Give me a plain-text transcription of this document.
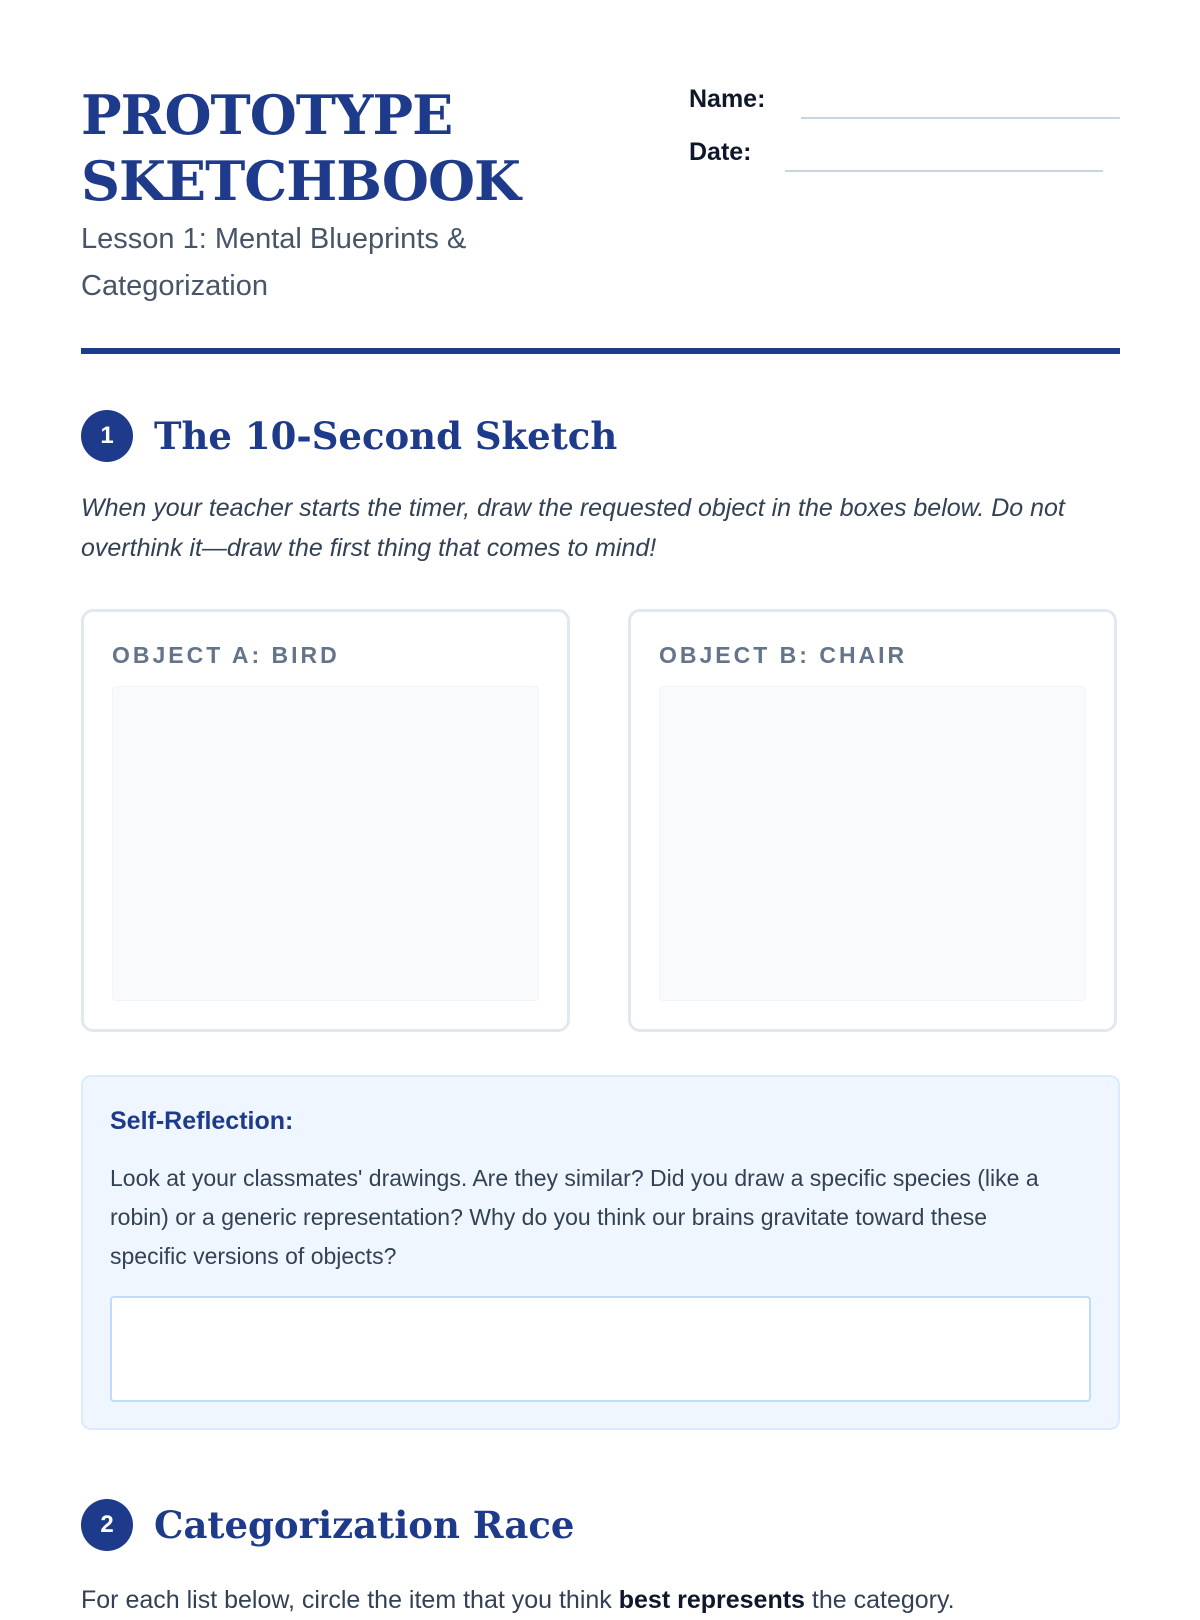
PROTOTYPE SKETCHBOOK

Lesson 1: Mental Blueprints & Categorization

Name:
Date:
1	The 10-Second Sketch

When your teacher starts the timer, draw the requested object in the boxes below. Do not overthink it—draw the first thing that comes to mind!

OBJECT A: BIRD	OBJECT B: CHAIR
Self-Reflection:

Look at your classmates' drawings. Are they similar? Did you draw a specific species (like a robin) or a generic representation? Why do you think our brains gravitate toward these specific versions of objects?

2	Categorization Race

For each list below, circle the item that you think best represents the category.
